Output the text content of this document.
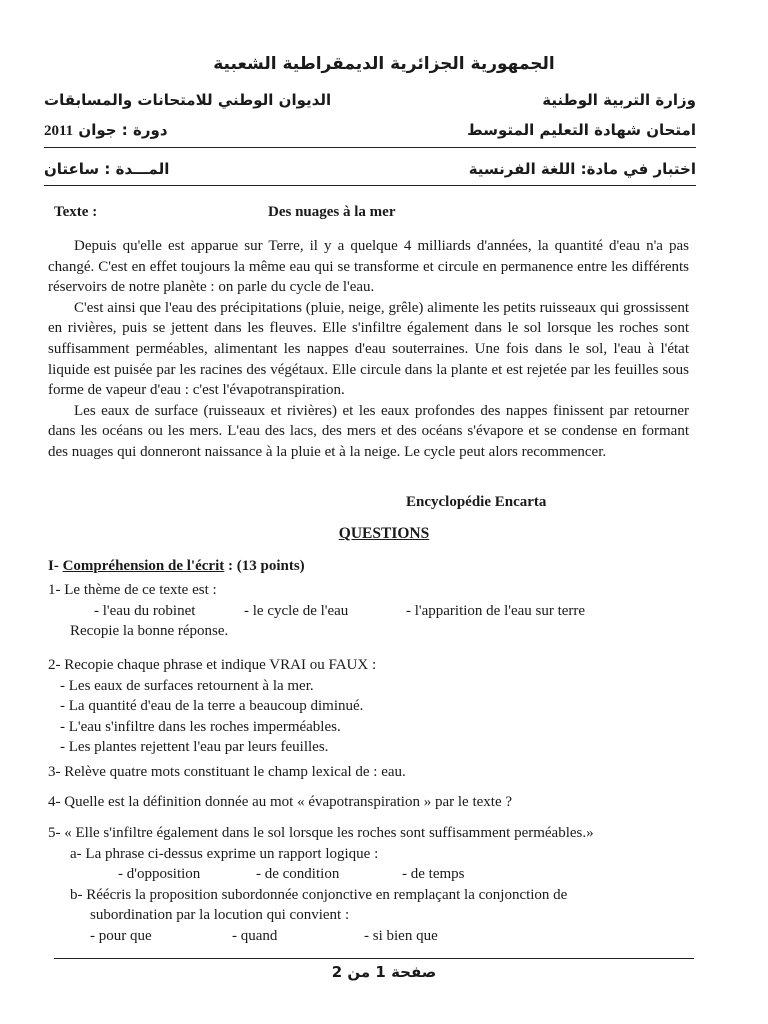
الجمهورية الجزائرية الديمقراطية الشعبية
وزارة التربية الوطنية
الديوان الوطني للامتحانات والمسابقات
امتحان شهادة التعليم المتوسط
دورة : جوان 2011
اختبار في مادة: اللغة الفرنسية
المـــدة : ساعتان
Texte :	Des nuages à la mer

Depuis qu'elle est apparue sur Terre, il y a quelque 4 milliards d'années, la quantité d'eau n'a pas changé. C'est en effet toujours la même eau qui se transforme et circule en permanence entre les différents réservoirs de notre planète : on parle du cycle de l'eau.

C'est ainsi que l'eau des précipitations (pluie, neige, grêle) alimente les petits ruisseaux qui grossissent en rivières, puis se jettent dans les fleuves. Elle s'infiltre également dans le sol lorsque les roches sont suffisamment perméables, alimentant les nappes d'eau souterraines. Une fois dans le sol, l'eau à l'état liquide est puisée par les racines des végétaux. Elle circule dans la plante et est rejetée par les feuilles sous forme de vapeur d'eau : c'est l'évapotranspiration.

Les eaux de surface (ruisseaux et rivières) et les eaux profondes des nappes finissent par retourner dans les océans ou les mers. L'eau des lacs, des mers et des océans s'évapore et se condense en formant des nuages qui donneront naissance à la pluie et à la neige. Le cycle peut alors recommencer.

Encyclopédie Encarta
QUESTIONS
I- Compréhension de l'écrit : (13 points)
1- Le thème de ce texte est :
- l'eau du robinet	- le cycle de l'eau	- l'apparition de l'eau sur terre
Recopie la bonne réponse.
2- Recopie chaque phrase et indique VRAI ou FAUX :
- Les eaux de surfaces retournent à la mer.
- La quantité d'eau de la terre a beaucoup diminué.
- L'eau s'infiltre dans les roches imperméables.
- Les plantes rejettent l'eau par leurs feuilles.
3- Relève quatre mots constituant le champ lexical de : eau.
4- Quelle est la définition donnée au mot « évapotranspiration » par le texte ?
5- « Elle s'infiltre également dans le sol lorsque les roches sont suffisamment perméables.»
a- La phrase ci-dessus exprime un rapport logique :
- d'opposition	- de condition	- de temps
b- Réécris la proposition subordonnée conjonctive en remplaçant la conjonction de
subordination par la locution qui convient :
- pour que	- quand	- si bien que
صفحة 1 من 2
